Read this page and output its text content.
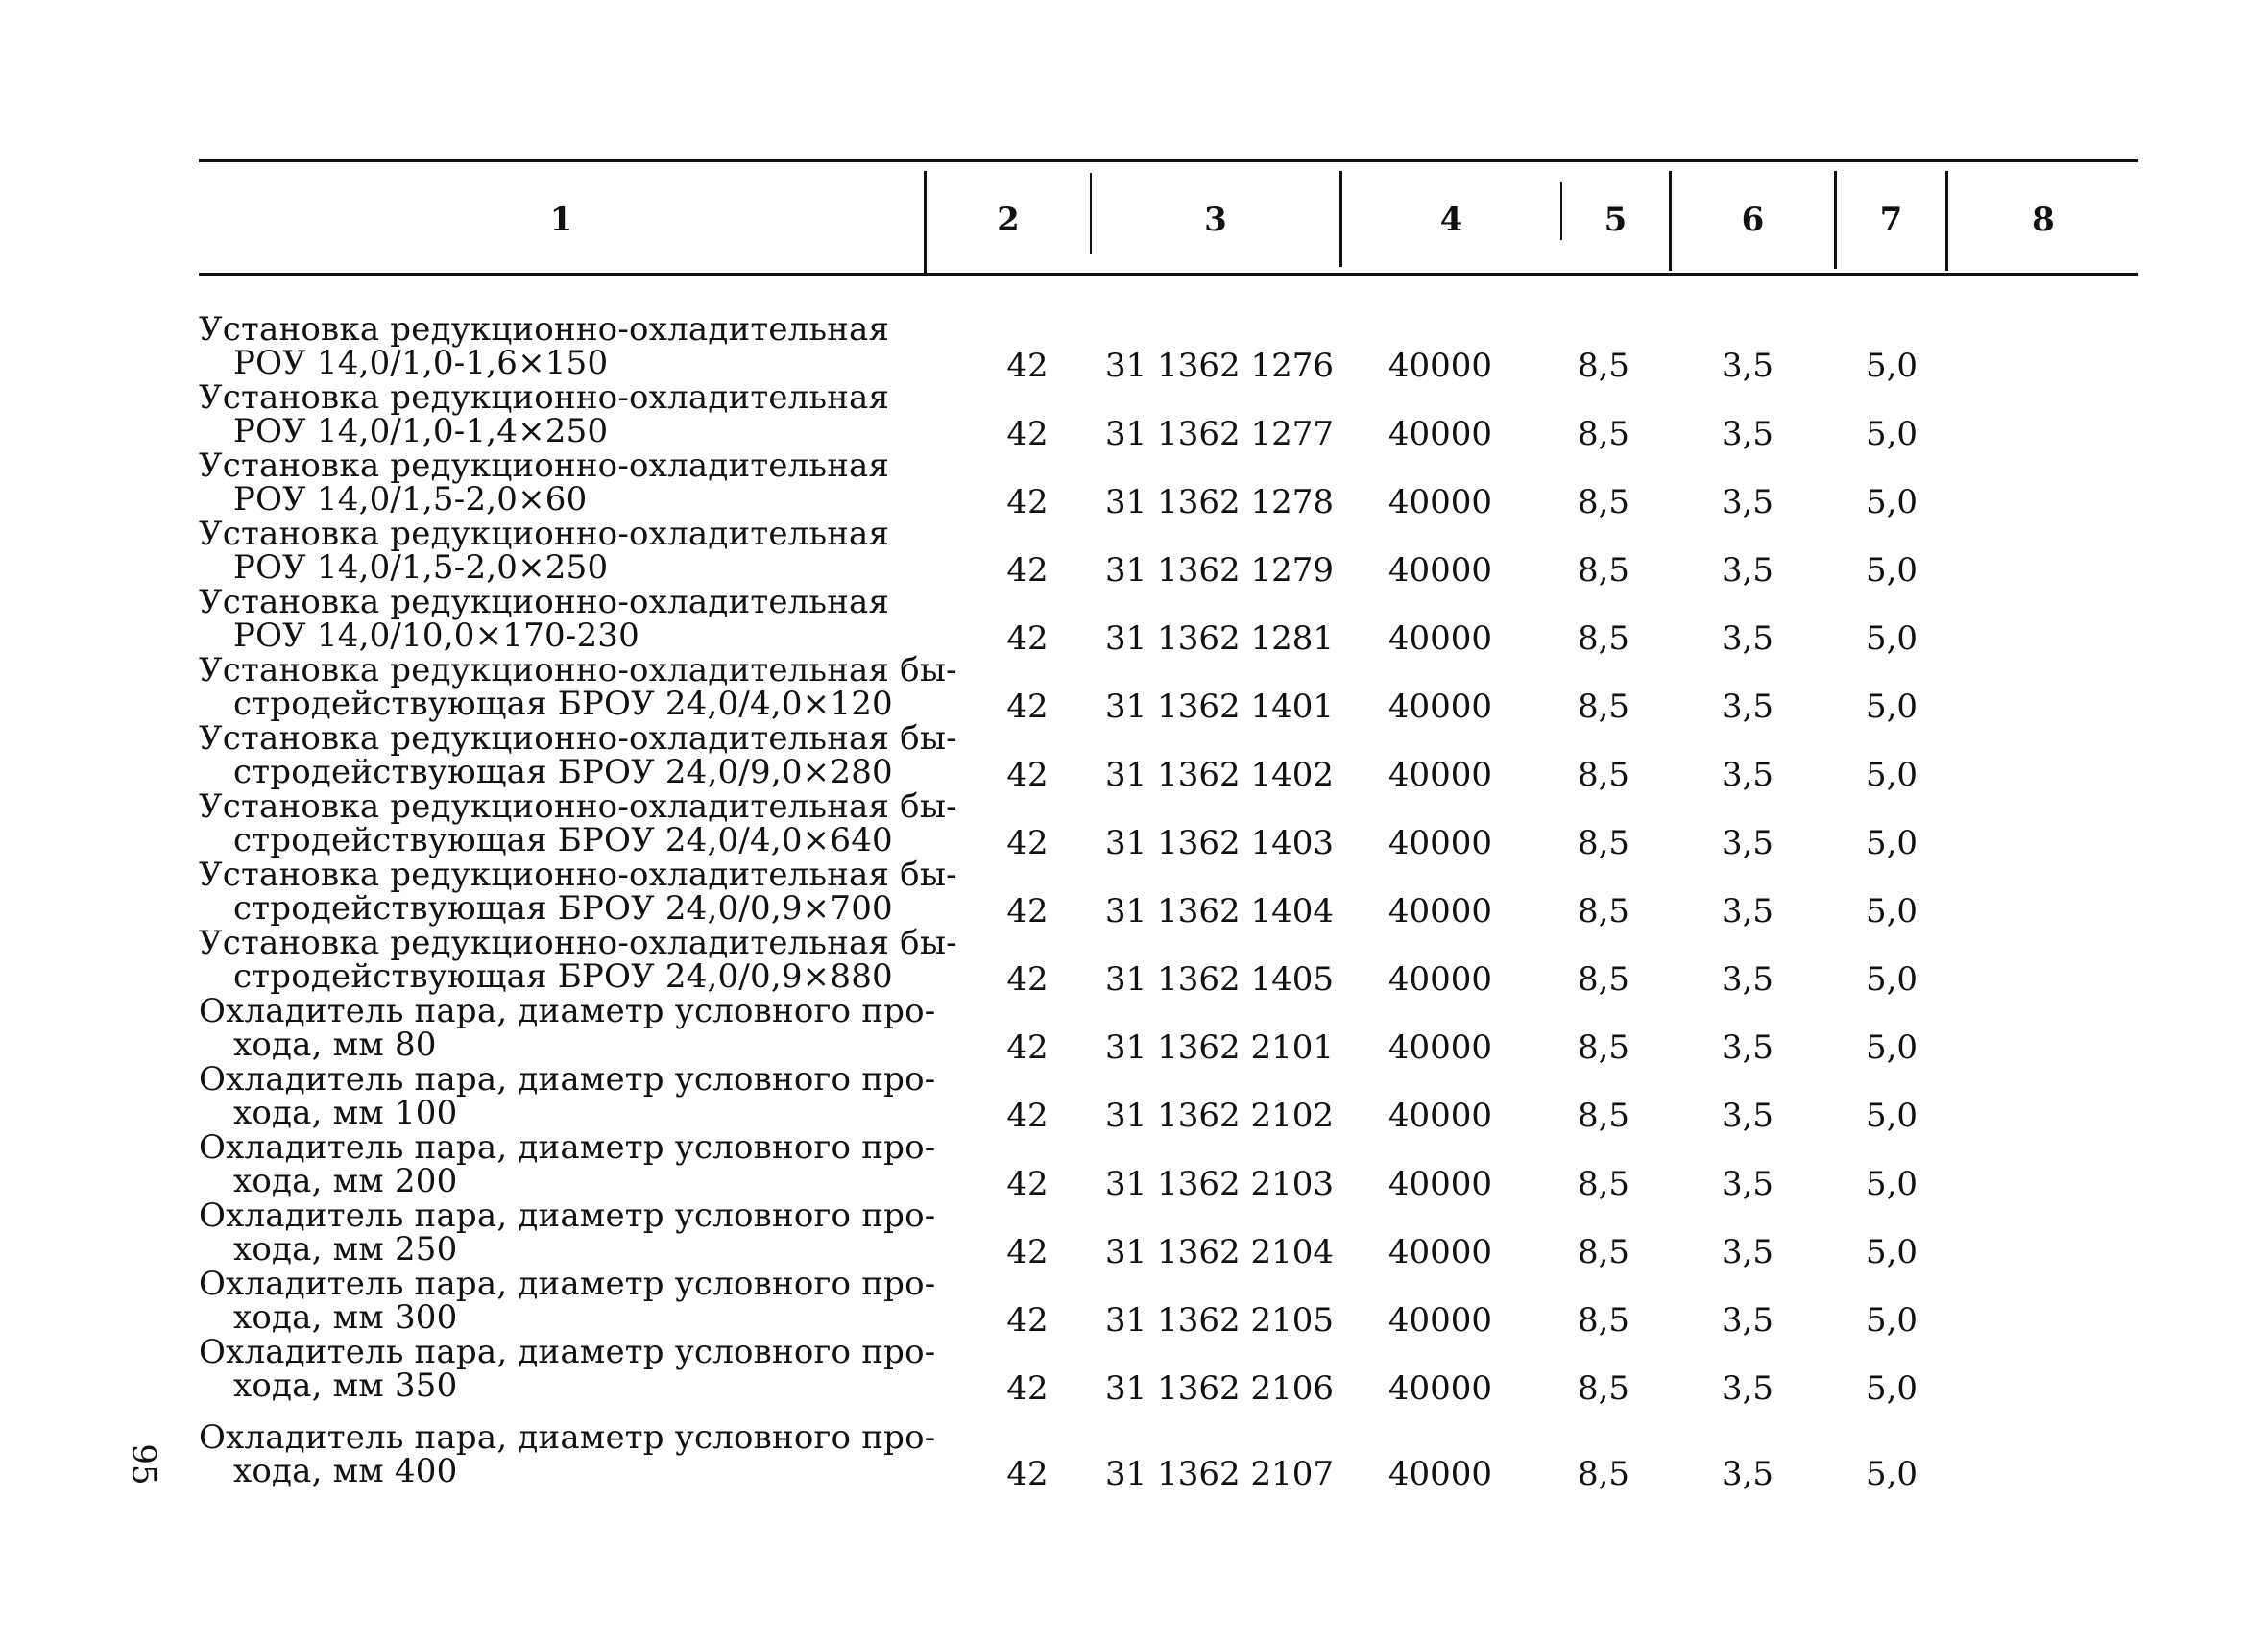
1	2	3	4	5	6	7	8
Установка редукционно-охладительная
РОУ 14,0/1,0-1,6×150	42	31 1362 1276	40000	8,5	3,5	5,0
Установка редукционно-охладительная
РОУ 14,0/1,0-1,4×250	42	31 1362 1277	40000	8,5	3,5	5,0
Установка редукционно-охладительная
РОУ 14,0/1,5-2,0×60	42	31 1362 1278	40000	8,5	3,5	5,0
Установка редукционно-охладительная
РОУ 14,0/1,5-2,0×250	42	31 1362 1279	40000	8,5	3,5	5,0
Установка редукционно-охладительная
РОУ 14,0/10,0×170-230	42	31 1362 1281	40000	8,5	3,5	5,0
Установка редукционно-охладительная бы-
стродействующая БРОУ 24,0/4,0×120	42	31 1362 1401	40000	8,5	3,5	5,0
Установка редукционно-охладительная бы-
стродействующая БРОУ 24,0/9,0×280	42	31 1362 1402	40000	8,5	3,5	5,0
Установка редукционно-охладительная бы-
стродействующая БРОУ 24,0/4,0×640	42	31 1362 1403	40000	8,5	3,5	5,0
Установка редукционно-охладительная бы-
стродействующая БРОУ 24,0/0,9×700	42	31 1362 1404	40000	8,5	3,5	5,0
Установка редукционно-охладительная бы-
стродействующая БРОУ 24,0/0,9×880	42	31 1362 1405	40000	8,5	3,5	5,0
Охладитель пара, диаметр условного про-
хода, мм 80	42	31 1362 2101	40000	8,5	3,5	5,0
Охладитель пара, диаметр условного про-
хода, мм 100	42	31 1362 2102	40000	8,5	3,5	5,0
Охладитель пара, диаметр условного про-
хода, мм 200	42	31 1362 2103	40000	8,5	3,5	5,0
Охладитель пара, диаметр условного про-
хода, мм 250	42	31 1362 2104	40000	8,5	3,5	5,0
Охладитель пара, диаметр условного про-
хода, мм 300	42	31 1362 2105	40000	8,5	3,5	5,0
Охладитель пара, диаметр условного про-
хода, мм 350	42	31 1362 2106	40000	8,5	3,5	5,0
Охладитель пара, диаметр условного про-
хода, мм 400	42	31 1362 2107	40000	8,5	3,5	5,0
95
